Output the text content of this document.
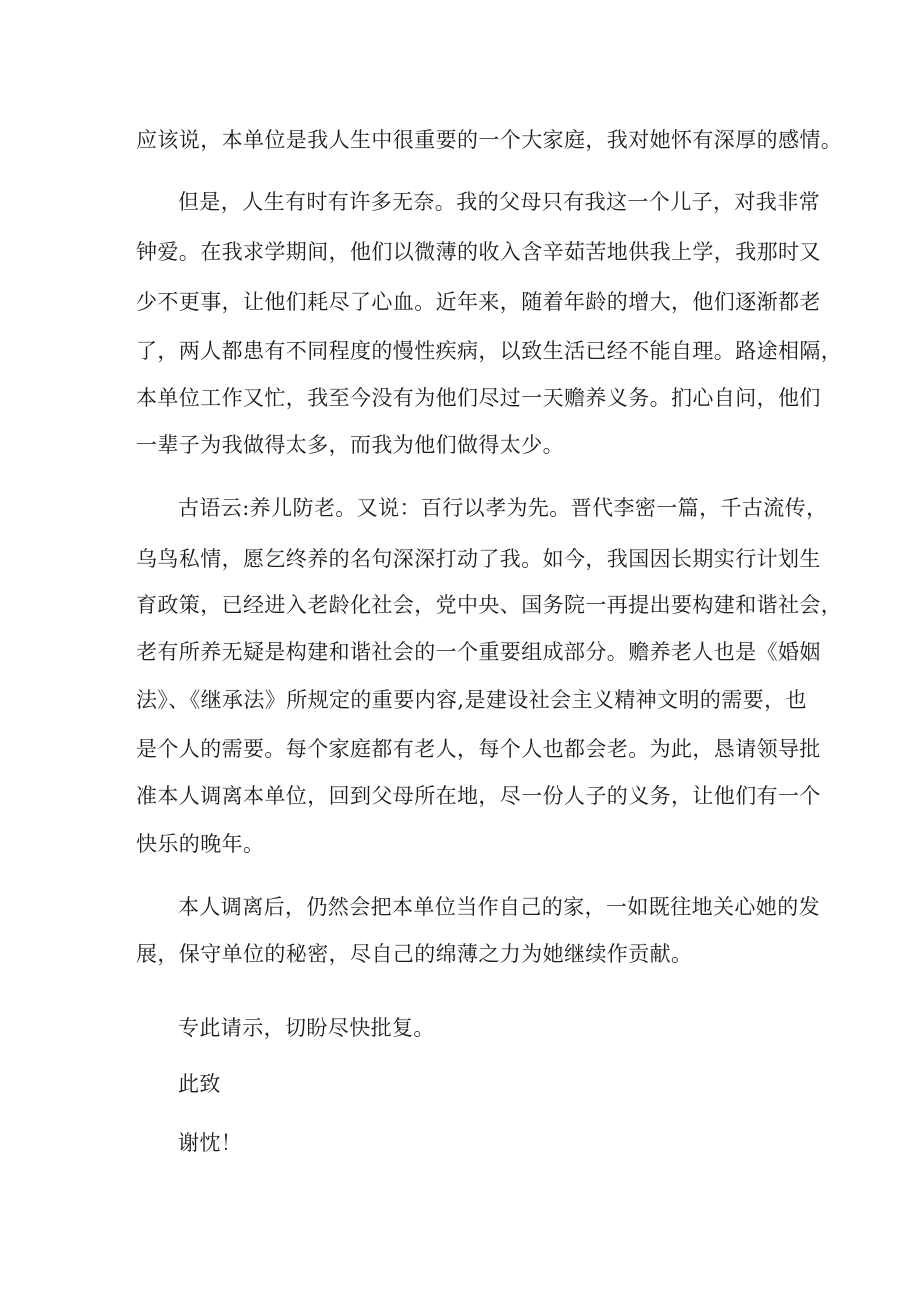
应该说，本单位是我人生中很重要的一个大家庭，我对她怀有深厚的感情。

但是，人生有时有许多无奈。我的父母只有我这一个儿子，对我非常

钟爱。在我求学期间，他们以微薄的收入含辛茹苦地供我上学，我那时又

少不更事，让他们耗尽了心血。近年来，随着年龄的增大，他们逐渐都老

了，两人都患有不同程度的慢性疾病，以致生活已经不能自理。路途相隔，

本单位工作又忙，我至今没有为他们尽过一天赡养义务。扪心自问，他们

一辈子为我做得太多，而我为他们做得太少。

古语云:养儿防老。又说：百行以孝为先。晋代李密一篇，千古流传，

乌鸟私情，愿乞终养的名句深深打动了我。如今，我国因长期实行计划生

育政策，已经进入老龄化社会，党中央、国务院一再提出要构建和谐社会，

老有所养无疑是构建和谐社会的一个重要组成部分。赡养老人也是《婚姻

法》、《继承法》所规定的重要内容,是建设社会主义精神文明的需要，也

是个人的需要。每个家庭都有老人，每个人也都会老。为此，恳请领导批

准本人调离本单位，回到父母所在地，尽一份人子的义务，让他们有一个

快乐的晚年。

本人调离后，仍然会把本单位当作自己的家，一如既往地关心她的发

展，保守单位的秘密，尽自己的绵薄之力为她继续作贡献。

专此请示，切盼尽快批复。

此致

谢忱！
